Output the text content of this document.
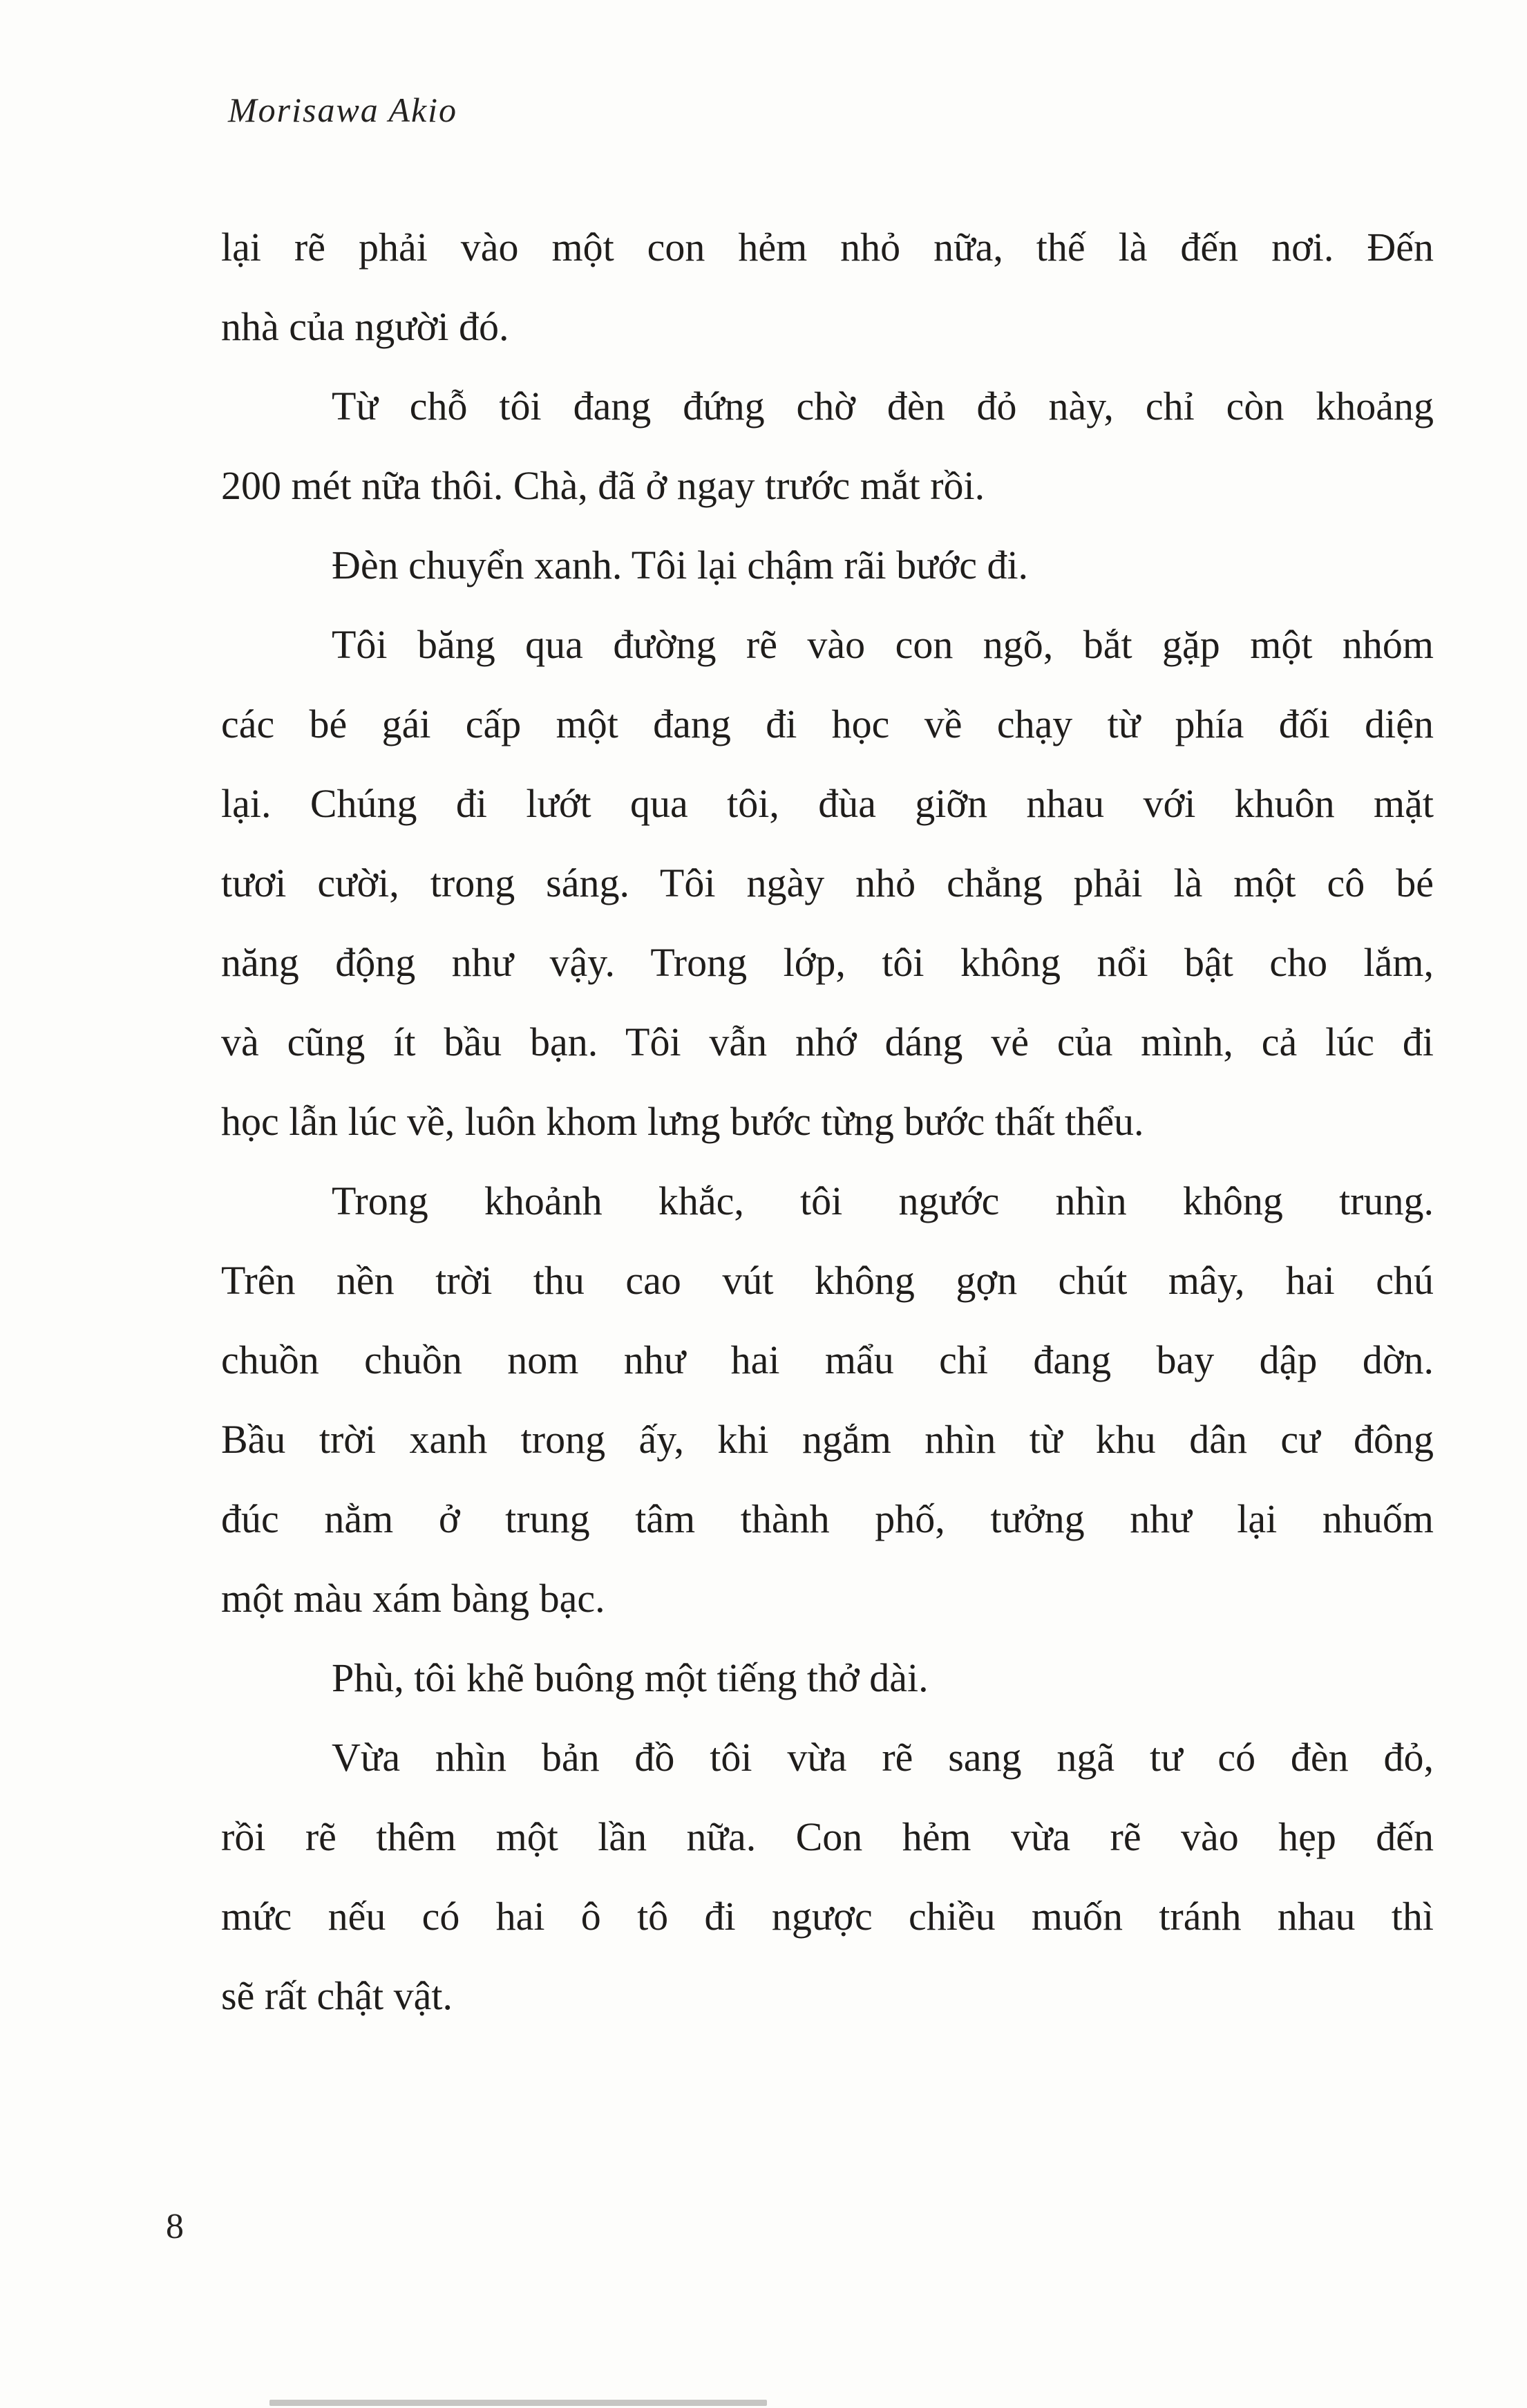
Morisawa Akio
lại rẽ phải vào một con hẻm nhỏ nữa, thế là đến nơi. Đến
nhà của người đó.
Từ chỗ tôi đang đứng chờ đèn đỏ này, chỉ còn khoảng
200 mét nữa thôi. Chà, đã ở ngay trước mắt rồi.
Đèn chuyển xanh. Tôi lại chậm rãi bước đi.
Tôi băng qua đường rẽ vào con ngõ, bắt gặp một nhóm
các bé gái cấp một đang đi học về chạy từ phía đối diện
lại. Chúng đi lướt qua tôi, đùa giỡn nhau với khuôn mặt
tươi cười, trong sáng. Tôi ngày nhỏ chẳng phải là một cô bé
năng động như vậy. Trong lớp, tôi không nổi bật cho lắm,
và cũng ít bầu bạn. Tôi vẫn nhớ dáng vẻ của mình, cả lúc đi
học lẫn lúc về, luôn khom lưng bước từng bước thất thểu.
Trong khoảnh khắc, tôi ngước nhìn không trung.
Trên nền trời thu cao vút không gợn chút mây, hai chú
chuồn chuồn nom như hai mẩu chỉ đang bay dập dờn.
Bầu trời xanh trong ấy, khi ngắm nhìn từ khu dân cư đông
đúc nằm ở trung tâm thành phố, tưởng như lại nhuốm
một màu xám bàng bạc.
Phù, tôi khẽ buông một tiếng thở dài.
Vừa nhìn bản đồ tôi vừa rẽ sang ngã tư có đèn đỏ,
rồi rẽ thêm một lần nữa. Con hẻm vừa rẽ vào hẹp đến
mức nếu có hai ô tô đi ngược chiều muốn tránh nhau thì
sẽ rất chật vật.
8
